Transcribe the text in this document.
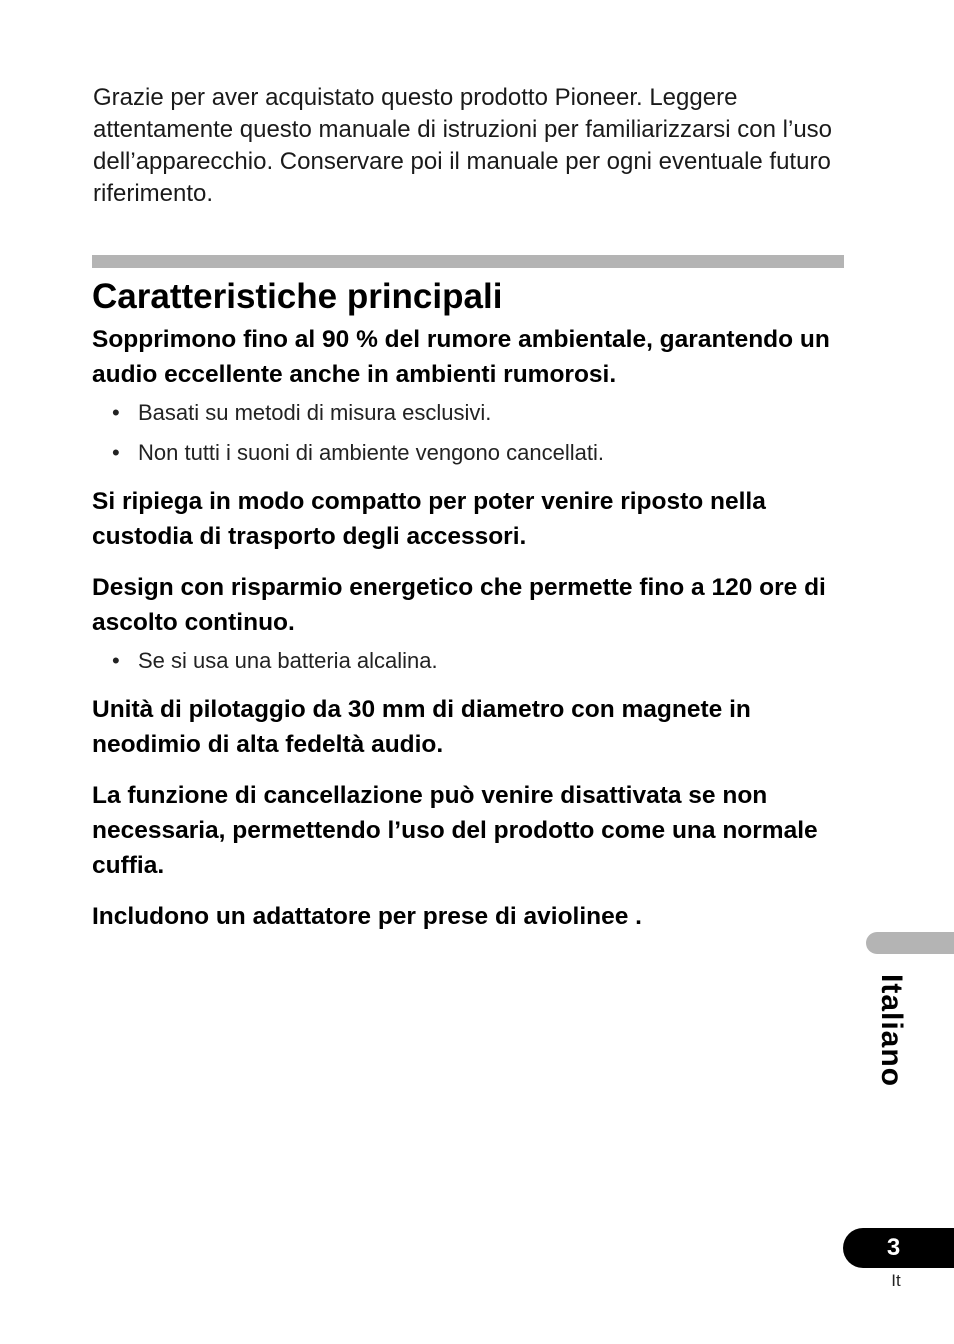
Grazie per aver acquistato questo prodotto Pioneer. Leggere attentamente questo manuale di istruzioni per familiarizzarsi con l’uso dell’apparecchio. Conservare poi il manuale per ogni eventuale futuro riferimento.

Caratteristiche principali

Sopprimono fino al 90 % del rumore ambientale, garantendo un audio eccellente anche in ambienti rumorosi.

• Basati su metodi di misura esclusivi.
• Non tutti i suoni di ambiente vengono cancellati.

Si ripiega in modo compatto per poter venire riposto nella custodia di trasporto degli accessori.

Design con risparmio energetico che permette fino a 120 ore di ascolto continuo.

• Se si usa una batteria alcalina.

Unità di pilotaggio da 30 mm di diametro con magnete in neodimio di alta fedeltà audio.

La funzione di cancellazione può venire disattivata se non necessaria, permettendo l’uso del prodotto come una normale cuffia.

Includono un adattatore per prese di aviolinee .

Italiano
3
It
